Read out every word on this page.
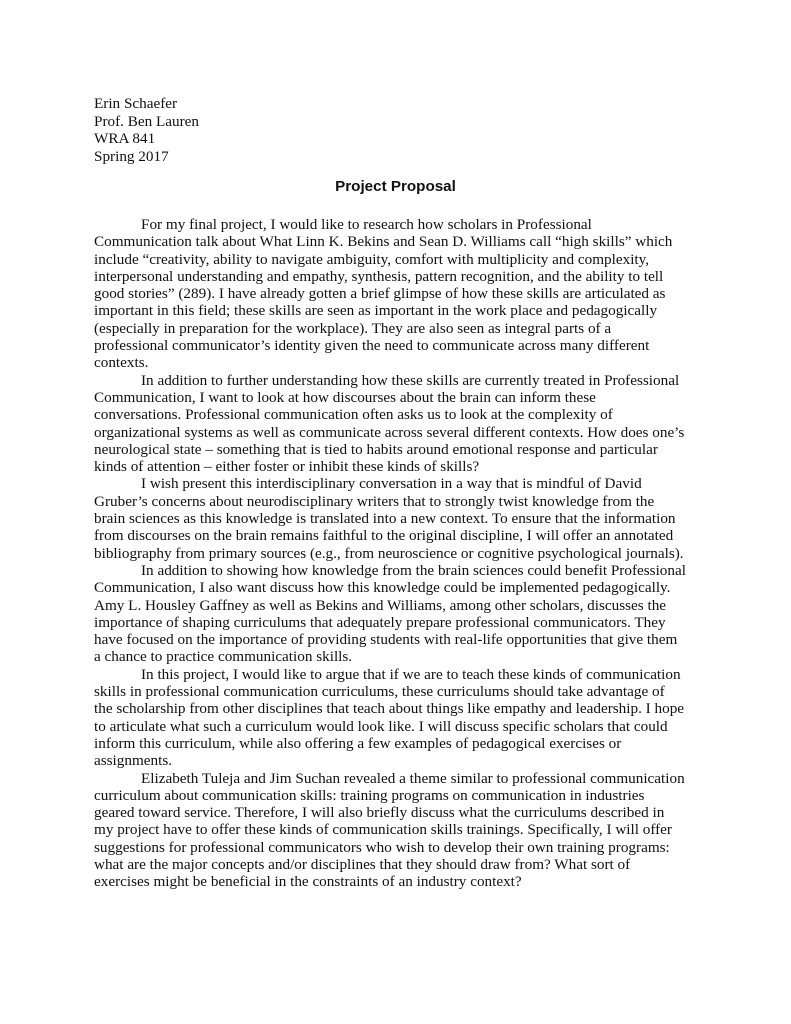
Erin Schaefer
Prof. Ben Lauren
WRA 841
Spring 2017
Project Proposal
For my final project, I would like to research how scholars in Professional
Communication talk about What Linn K. Bekins and Sean D. Williams call “high skills” which
include “creativity, ability to navigate ambiguity, comfort with multiplicity and complexity,
interpersonal understanding and empathy, synthesis, pattern recognition, and the ability to tell
good stories” (289). I have already gotten a brief glimpse of how these skills are articulated as
important in this field; these skills are seen as important in the work place and pedagogically
(especially in preparation for the workplace). They are also seen as integral parts of a
professional communicator’s identity given the need to communicate across many different
contexts.
In addition to further understanding how these skills are currently treated in Professional
Communication, I want to look at how discourses about the brain can inform these
conversations. Professional communication often asks us to look at the complexity of
organizational systems as well as communicate across several different contexts. How does one’s
neurological state – something that is tied to habits around emotional response and particular
kinds of attention – either foster or inhibit these kinds of skills?
I wish present this interdisciplinary conversation in a way that is mindful of David
Gruber’s concerns about neurodisciplinary writers that to strongly twist knowledge from the
brain sciences as this knowledge is translated into a new context. To ensure that the information
from discourses on the brain remains faithful to the original discipline, I will offer an annotated
bibliography from primary sources (e.g., from neuroscience or cognitive psychological journals).
In addition to showing how knowledge from the brain sciences could benefit Professional
Communication, I also want discuss how this knowledge could be implemented pedagogically.
Amy L. Housley Gaffney as well as Bekins and Williams, among other scholars, discusses the
importance of shaping curriculums that adequately prepare professional communicators. They
have focused on the importance of providing students with real-life opportunities that give them
a chance to practice communication skills.
In this project, I would like to argue that if we are to teach these kinds of communication
skills in professional communication curriculums, these curriculums should take advantage of
the scholarship from other disciplines that teach about things like empathy and leadership. I hope
to articulate what such a curriculum would look like. I will discuss specific scholars that could
inform this curriculum, while also offering a few examples of pedagogical exercises or
assignments.
Elizabeth Tuleja and Jim Suchan revealed a theme similar to professional communication
curriculum about communication skills: training programs on communication in industries
geared toward service. Therefore, I will also briefly discuss what the curriculums described in
my project have to offer these kinds of communication skills trainings. Specifically, I will offer
suggestions for professional communicators who wish to develop their own training programs:
what are the major concepts and/or disciplines that they should draw from? What sort of
exercises might be beneficial in the constraints of an industry context?
